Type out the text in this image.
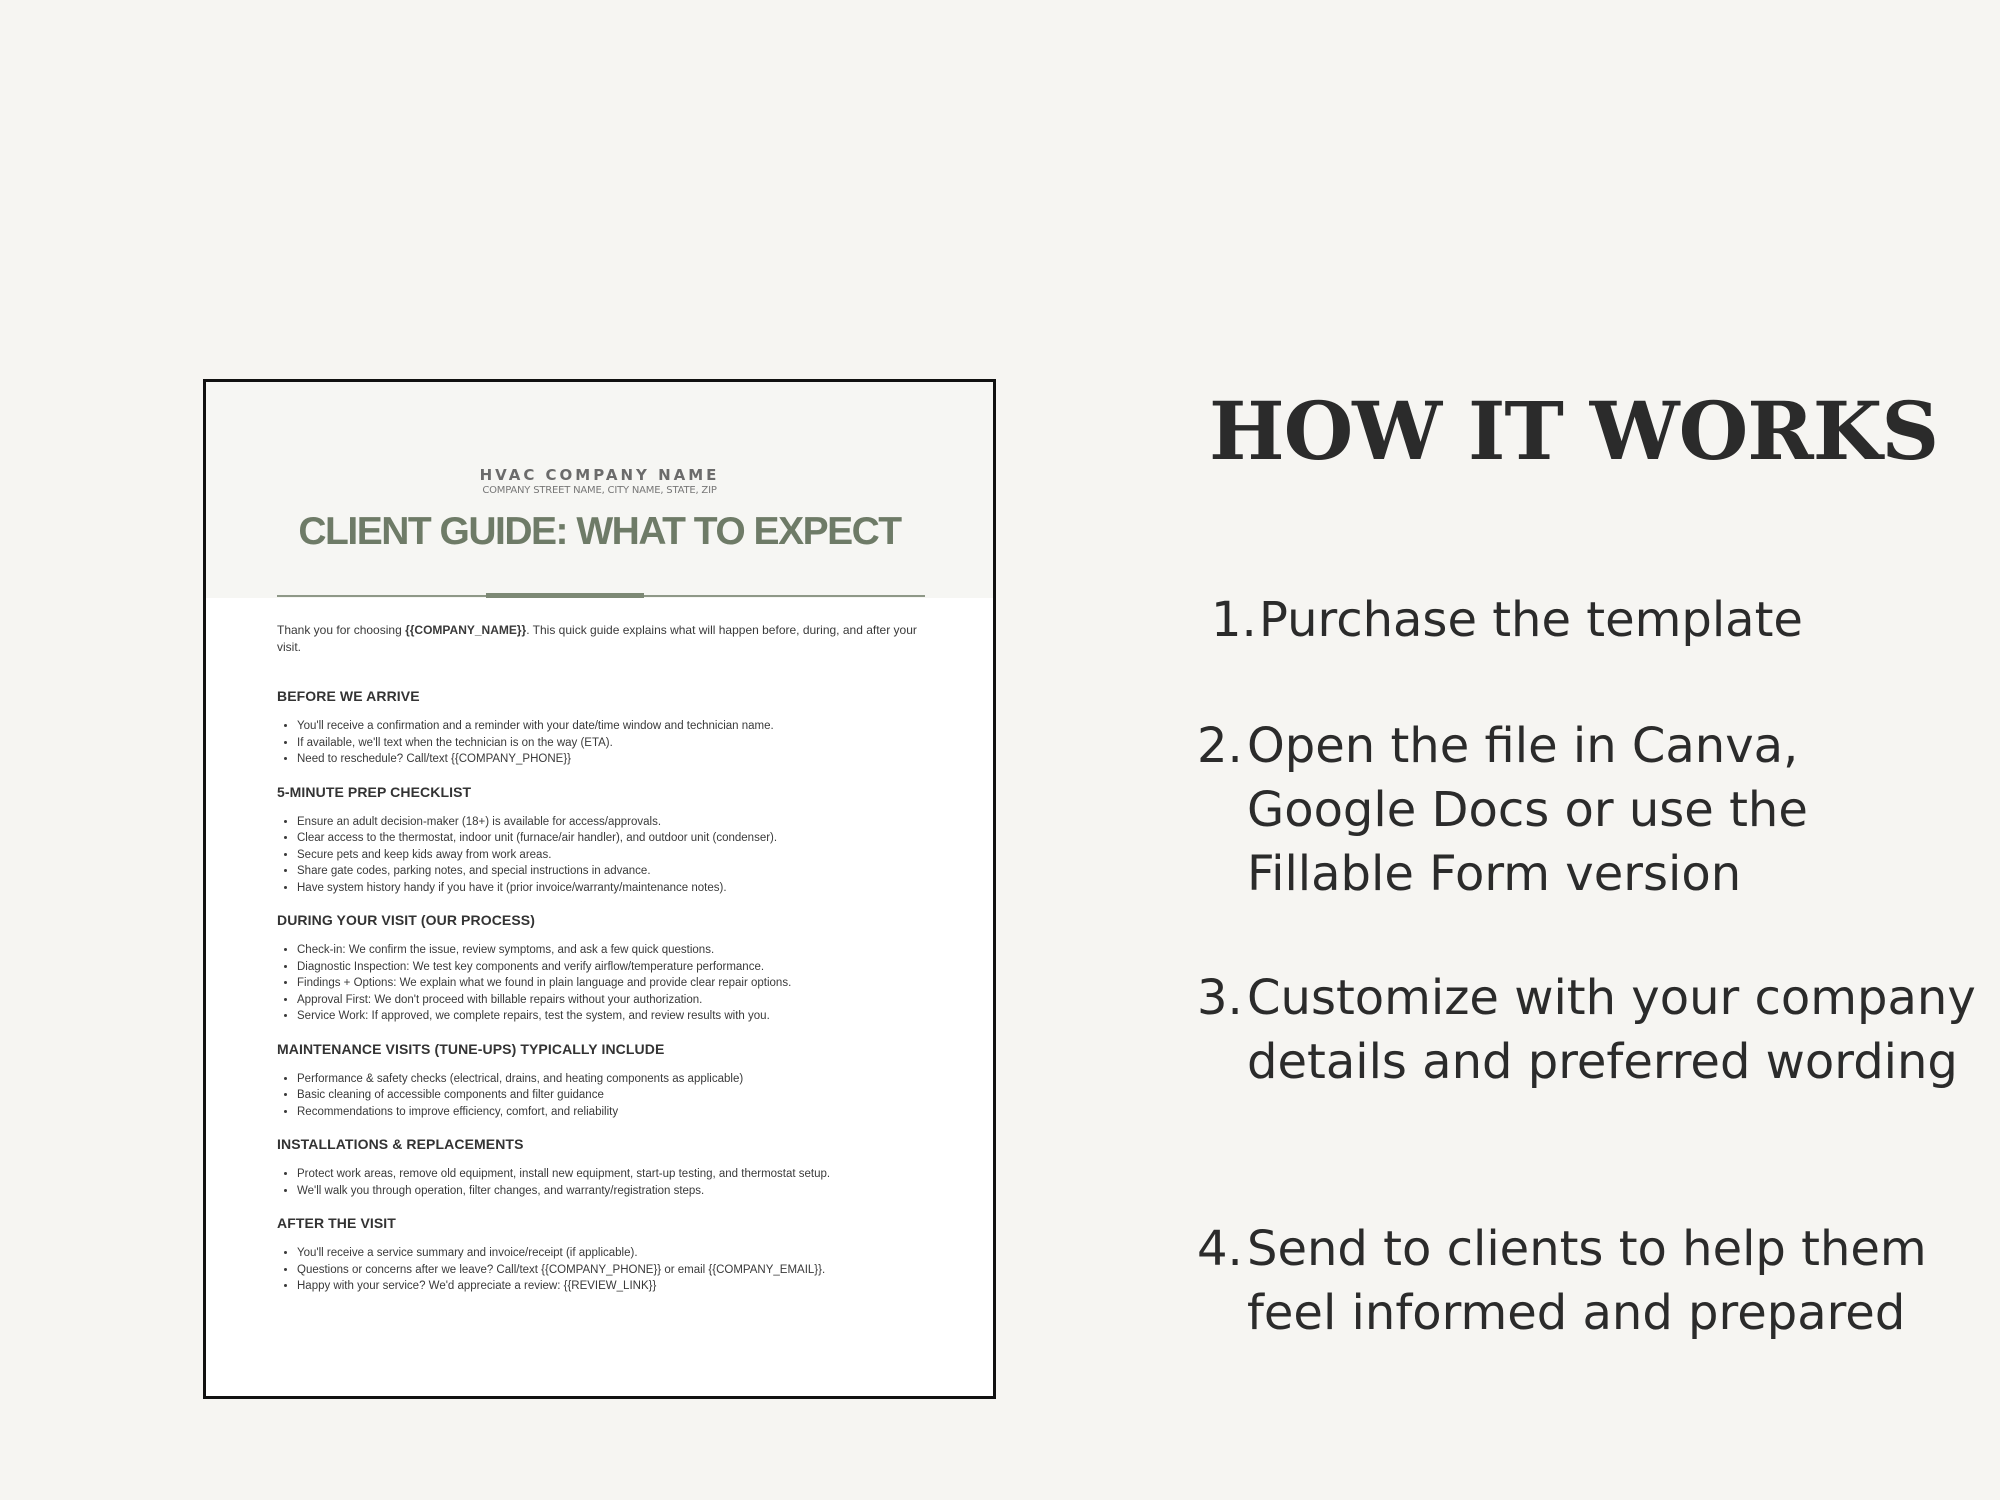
HVAC COMPANY NAME
COMPANY STREET NAME, CITY NAME, STATE, ZIP
CLIENT GUIDE: WHAT TO EXPECT

Thank you for choosing {{COMPANY_NAME}}. This quick guide explains what will happen before, during, and after your visit.

BEFORE WE ARRIVE
• You'll receive a confirmation and a reminder with your date/time window and technician name.
• If available, we'll text when the technician is on the way (ETA).
• Need to reschedule? Call/text {{COMPANY_PHONE}}
5-MINUTE PREP CHECKLIST
• Ensure an adult decision-maker (18+) is available for access/approvals.
• Clear access to the thermostat, indoor unit (furnace/air handler), and outdoor unit (condenser).
• Secure pets and keep kids away from work areas.
• Share gate codes, parking notes, and special instructions in advance.
• Have system history handy if you have it (prior invoice/warranty/maintenance notes).
DURING YOUR VISIT (OUR PROCESS)
• Check-in: We confirm the issue, review symptoms, and ask a few quick questions.
• Diagnostic Inspection: We test key components and verify airflow/temperature performance.
• Findings + Options: We explain what we found in plain language and provide clear repair options.
• Approval First: We don't proceed with billable repairs without your authorization.
• Service Work: If approved, we complete repairs, test the system, and review results with you.
MAINTENANCE VISITS (TUNE-UPS) TYPICALLY INCLUDE
• Performance & safety checks (electrical, drains, and heating components as applicable)
• Basic cleaning of accessible components and filter guidance
• Recommendations to improve efficiency, comfort, and reliability
INSTALLATIONS & REPLACEMENTS
• Protect work areas, remove old equipment, install new equipment, start-up testing, and thermostat setup.
• We'll walk you through operation, filter changes, and warranty/registration steps.
AFTER THE VISIT
• You'll receive a service summary and invoice/receipt (if applicable).
• Questions or concerns after we leave? Call/text {{COMPANY_PHONE}} or email {{COMPANY_EMAIL}}.
• Happy with your service? We'd appreciate a review: {{REVIEW_LINK}}
HOW IT WORKS
1. Purchase the template
2. Open the file in Canva, Google Docs or use the Fillable Form version
3. Customize with your company details and preferred wording
4. Send to clients to help them feel informed and prepared
